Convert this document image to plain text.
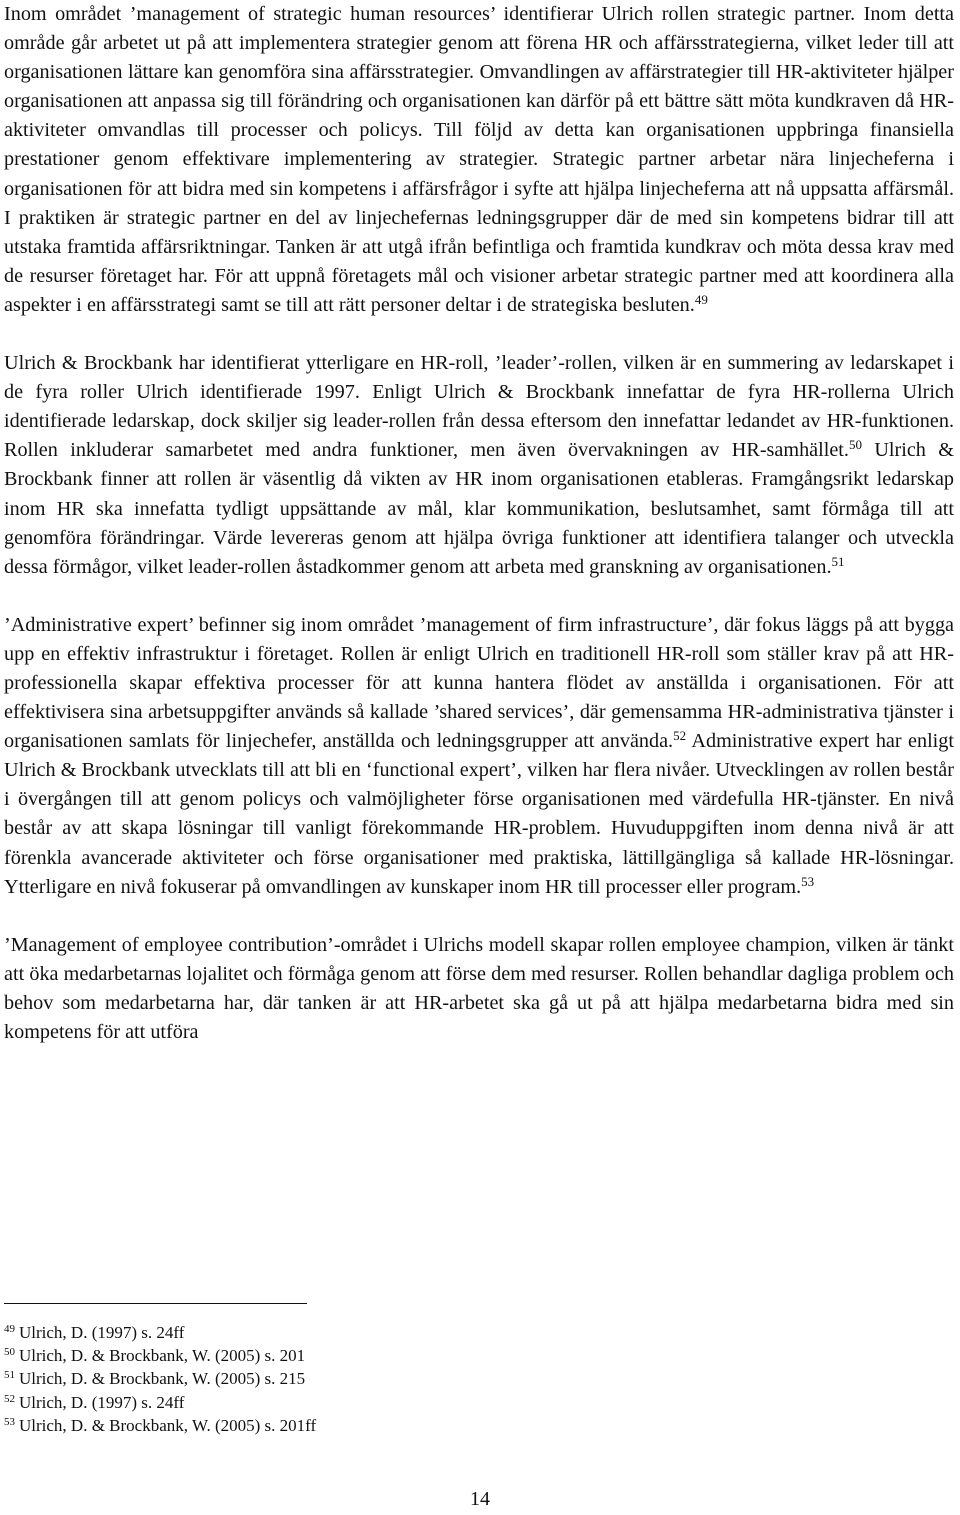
Inom området ’management of strategic human resources’ identifierar Ulrich rollen strategic partner. Inom detta område går arbetet ut på att implementera strategier genom att förena HR och affärsstrategierna, vilket leder till att organisationen lättare kan genomföra sina affärsstrategier. Omvandlingen av affärstrategier till HR-aktiviteter hjälper organisationen att anpassa sig till förändring och organisationen kan därför på ett bättre sätt möta kundkraven då HR-aktiviteter omvandlas till processer och policys. Till följd av detta kan organisationen uppbringa finansiella prestationer genom effektivare implementering av strategier. Strategic partner arbetar nära linjecheferna i organisationen för att bidra med sin kompetens i affärsfrågor i syfte att hjälpa linjecheferna att nå uppsatta affärsmål. I praktiken är strategic partner en del av linjechefernas ledningsgrupper där de med sin kompetens bidrar till att utstaka framtida affärsriktningar. Tanken är att utgå ifrån befintliga och framtida kundkrav och möta dessa krav med de resurser företaget har. För att uppnå företagets mål och visioner arbetar strategic partner med att koordinera alla aspekter i en affärsstrategi samt se till att rätt personer deltar i de strategiska besluten.$^{49}$

Ulrich & Brockbank har identifierat ytterligare en HR-roll, ’leader’-rollen, vilken är en summering av ledarskapet i de fyra roller Ulrich identifierade 1997. Enligt Ulrich & Brockbank innefattar de fyra HR-rollerna Ulrich identifierade ledarskap, dock skiljer sig leader-rollen från dessa eftersom den innefattar ledandet av HR-funktionen. Rollen inkluderar samarbetet med andra funktioner, men även övervakningen av HR-samhället.$^{50}$ Ulrich & Brockbank finner att rollen är väsentlig då vikten av HR inom organisationen etableras. Framgångsrikt ledarskap inom HR ska innefatta tydligt uppsättande av mål, klar kommunikation, beslutsamhet, samt förmåga till att genomföra förändringar. Värde levereras genom att hjälpa övriga funktioner att identifiera talanger och utveckla dessa förmågor, vilket leader-rollen åstadkommer genom att arbeta med granskning av organisationen.$^{51}$

’Administrative expert’ befinner sig inom området ’management of firm infrastructure’, där fokus läggs på att bygga upp en effektiv infrastruktur i företaget. Rollen är enligt Ulrich en traditionell HR-roll som ställer krav på att HR-professionella skapar effektiva processer för att kunna hantera flödet av anställda i organisationen. För att effektivisera sina arbetsuppgifter används så kallade ’shared services’, där gemensamma HR-administrativa tjänster i organisationen samlats för linjechefer, anställda och ledningsgrupper att använda.$^{52}$ Administrative expert har enligt Ulrich & Brockbank utvecklats till att bli en ‘functional expert’, vilken har flera nivåer. Utvecklingen av rollen består i övergången till att genom policys och valmöjligheter förse organisationen med värdefulla HR-tjänster. En nivå består av att skapa lösningar till vanligt förekommande HR-problem. Huvuduppgiften inom denna nivå är att förenkla avancerade aktiviteter och förse organisationer med praktiska, lättillgängliga så kallade HR-lösningar. Ytterligare en nivå fokuserar på omvandlingen av kunskaper inom HR till processer eller program.$^{53}$

’Management of employee contribution’-området i Ulrichs modell skapar rollen employee champion, vilken är tänkt att öka medarbetarnas lojalitet och förmåga genom att förse dem med resurser. Rollen behandlar dagliga problem och behov som medarbetarna har, där tanken är att HR-arbetet ska gå ut på att hjälpa medarbetarna bidra med sin kompetens för att utföra

$^{49}$ Ulrich, D. (1997) s. 24ff
$^{50}$ Ulrich, D. & Brockbank, W. (2005) s. 201
$^{51}$ Ulrich, D. & Brockbank, W. (2005) s. 215
$^{52}$ Ulrich, D. (1997) s. 24ff
$^{53}$ Ulrich, D. & Brockbank, W. (2005) s. 201ff
14
